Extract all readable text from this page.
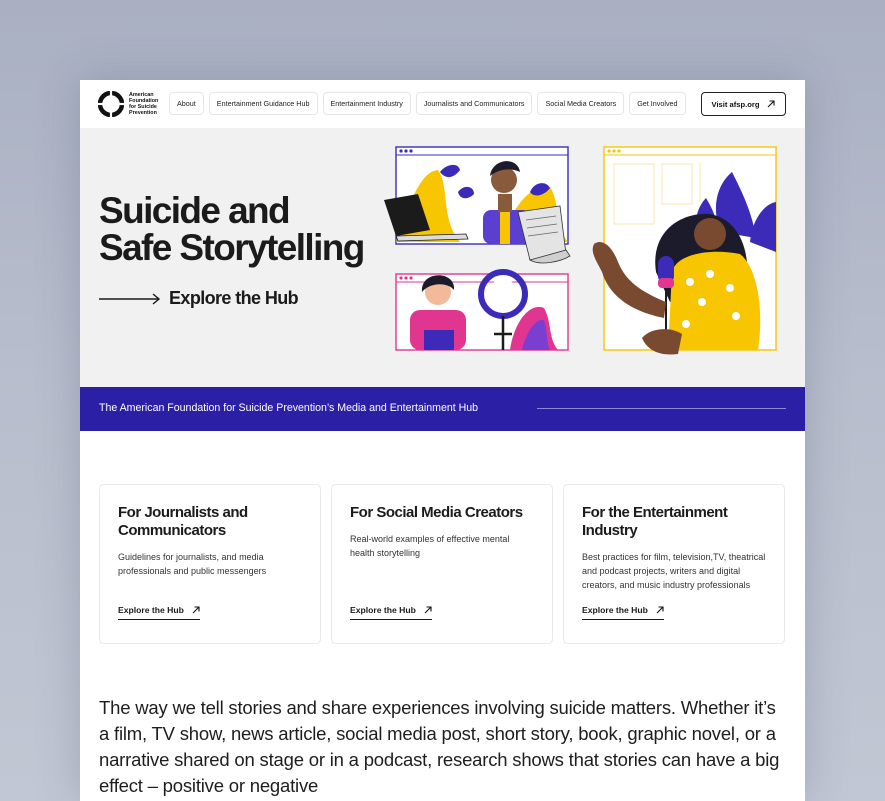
American
Foundation
for Suicide
Prevention
About	Entertainment Guidance Hub	Entertainment Industry	Journalists and Communicators	Social Media Creators	Get Involved	Visit afsp.org
Suicide and
Safe Storytelling
Explore the Hub
The American Foundation for Suicide Prevention’s Media and Entertainment Hub
For Journalists and Communicators
Guidelines for journalists, and media professionals and public messengers
Explore the Hub
For Social Media Creators
Real-world examples of effective mental health storytelling
Explore the Hub
For the Entertainment Industry
Best practices for film, television,TV, theatrical and podcast projects, writers and digital creators, and music industry professionals
Explore the Hub

The way we tell stories and share experiences involving suicide matters. Whether it’s a film, TV show, news article, social media post, short story, book, graphic novel, or a narrative shared on stage or in a podcast, research shows that stories can have a big effect – positive or negative
